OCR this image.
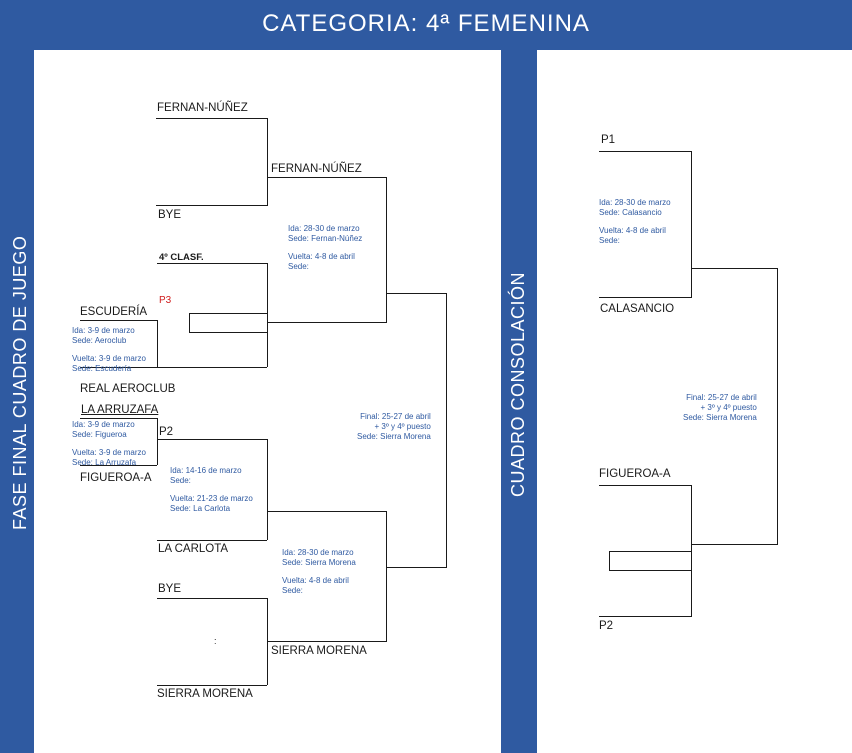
CATEGORIA: 4ª FEMENINA
FASE FINAL CUADRO DE JUEGO	CUADRO CONSOLACIÓN
FERNAN-NÚÑEZ
BYE
FERNAN-NÚÑEZ
4º CLASF.
P3
ESCUDERÍA
REAL AEROCLUB
LA ARRUZAFA
FIGUEROA-A
P2
LA CARLOTA
BYE
:
SIERRA MORENA
SIERRA MORENA
Ida: 28-30 de marzo
Sede: Fernan-Núñez
Vuelta: 4-8 de abril
Sede:
Ida: 3-9 de marzo
Sede: Aeroclub
Vuelta: 3-9 de marzo
Sede: Escudería
Ida: 3-9 de marzo
Sede: Figueroa
Vuelta: 3-9 de marzo
Sede: La Arruzafa
Ida: 14-16 de marzo
Sede:
Vuelta: 21-23 de marzo
Sede: La Carlota
Ida: 28-30 de marzo
Sede: Sierra Morena
Vuelta: 4-8 de abril
Sede:
Final: 25-27 de abril
+ 3º y 4º puesto
Sede: Sierra Morena
P1
CALASANCIO
FIGUEROA-A
P2
Ida: 28-30 de marzo
Sede: Calasancio
Vuelta: 4-8 de abril
Sede:
Final: 25-27 de abril
+ 3º y 4º puesto
Sede: Sierra Morena
